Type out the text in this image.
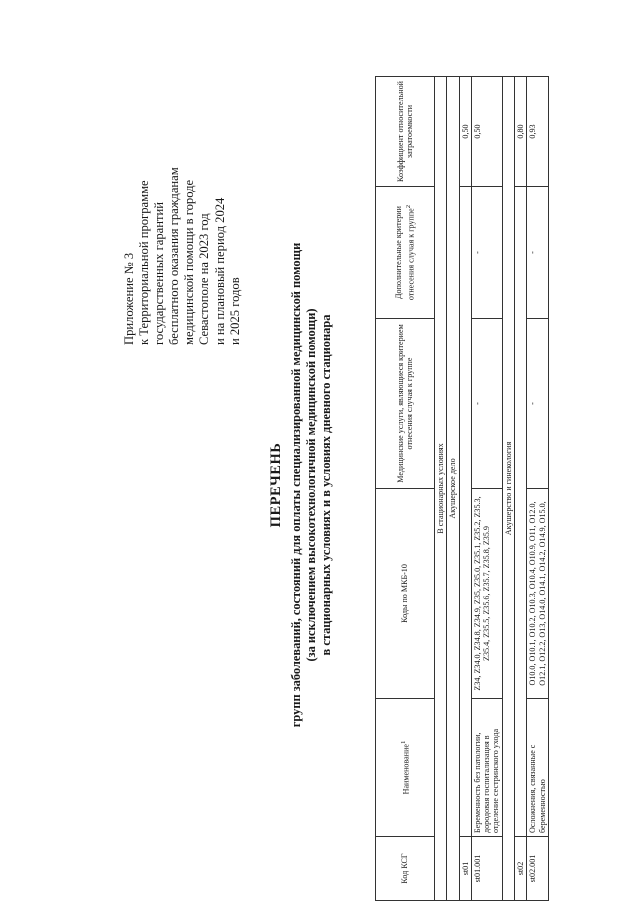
Приложение № 3 к Территориальной программе государственных гарантий бесплатного оказания гражданам медицинской помощи в городе Севастополе на 2023 год и на плановый период 2024 и 2025 годов
ПЕРЕЧЕНЬ групп заболеваний, состояний для оплаты специализированной медицинской помощи (за исключением высокотехнологичной медицинской помощи) в стационарных условиях и в условиях дневного стационара
Код КСГ	Наименование$^1$	Коды по МКБ-10	Медицинские услуги, являющиеся критерием отнесения случая к группе	Дополнительные критерии отнесения случая к группе$^2$	Коэффициент относительной затратоемкости
В стационарных условиях					
Акушерское дело					
st01					0,50
st01.001	Беременность без патологии, дородовая госпитализация в отделение сестринского ухода	Z34, Z34.0, Z34.8, Z34.9, Z35, Z35.0, Z35.1, Z35.2, Z35.3, Z35.4, Z35.5, Z35.6, Z35.7, Z35.8, Z35.9	-	-	0,50
Акушерство и гинекология					
st02					0,80
st02.001	Осложнения, связанные с беременностью	O10.0, O10.1, O10.2, O10.3, O10.4, O10.9, O11, O12.0, O12.1, O12.2, O13, O14.0, O14.1, O14.2, O14.9, O15.0,	-	-	0,93
